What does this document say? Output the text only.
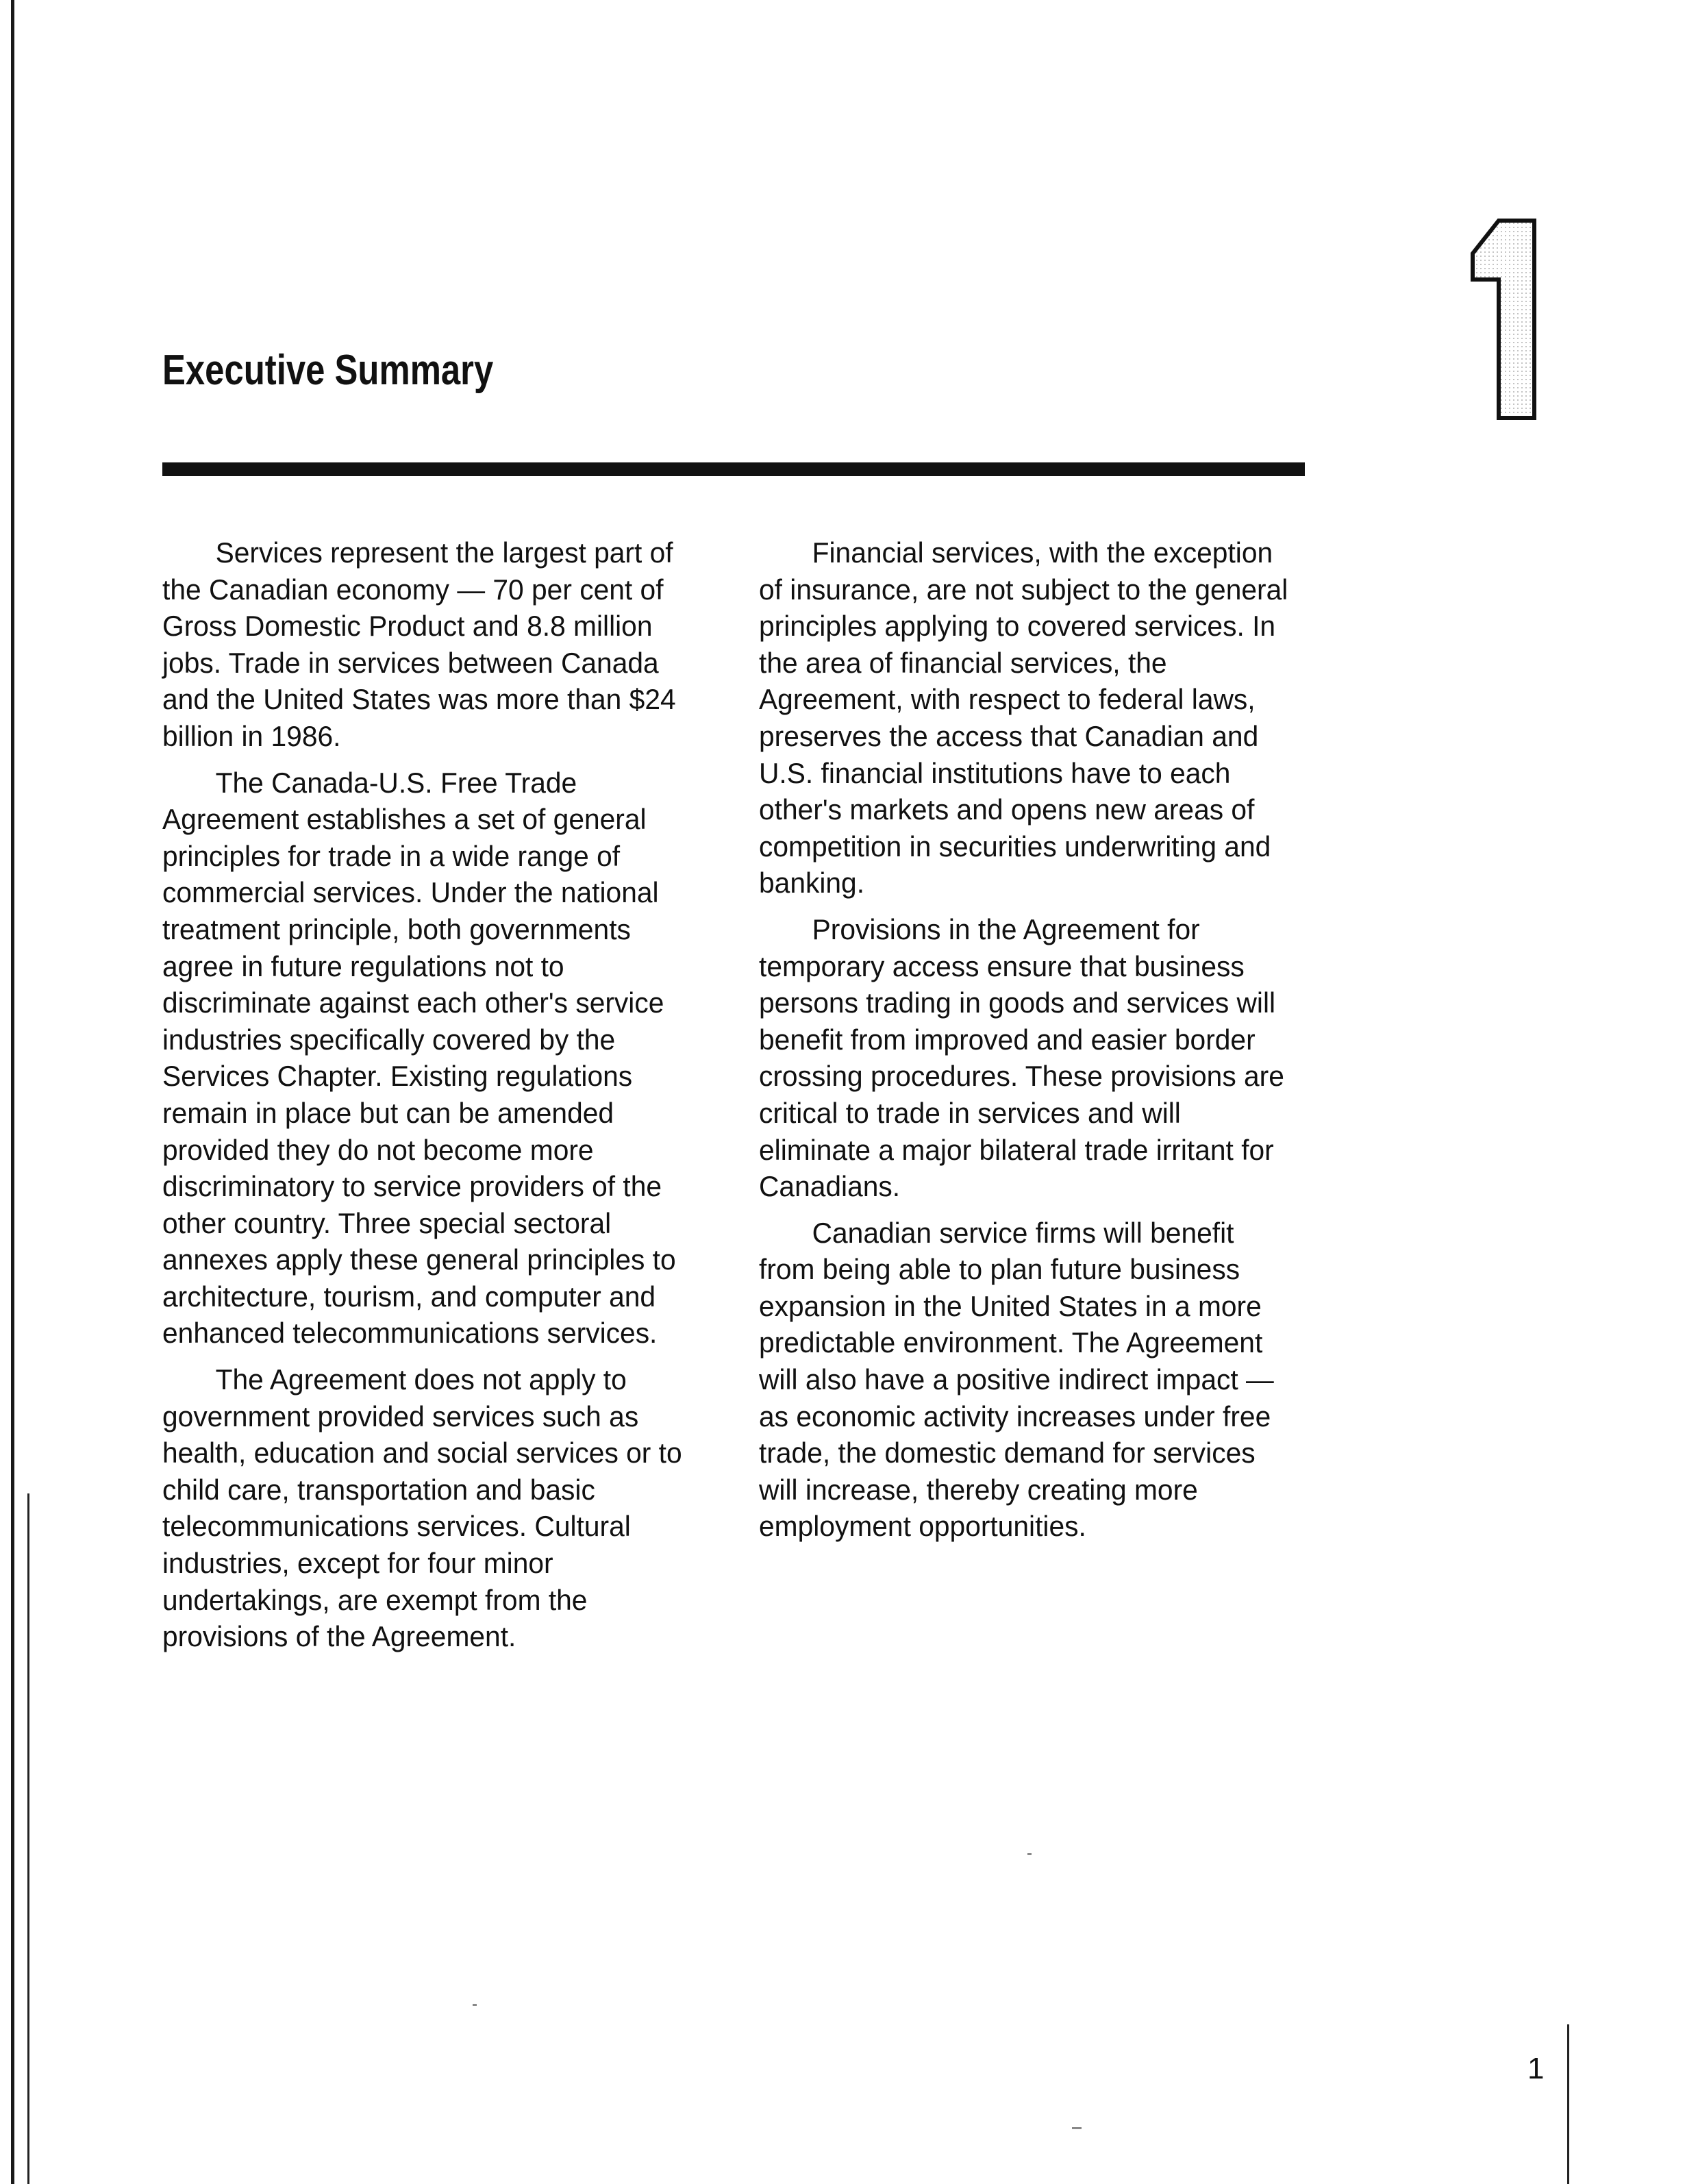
1
Executive Summary

Services represent the largest part of the Canadian economy — 70 per cent of Gross Domestic Product and 8.8 million jobs. Trade in services between Canada and the United States was more than $24 billion in 1986.

The Canada-U.S. Free Trade Agreement establishes a set of general principles for trade in a wide range of commercial services. Under the national treatment principle, both governments agree in future regulations not to discriminate against each other's service industries specifically covered by the Services Chapter. Existing regulations remain in place but can be amended provided they do not become more discriminatory to service providers of the other country. Three special sectoral annexes apply these general principles to architecture, tourism, and computer and enhanced telecommunications services.

The Agreement does not apply to government provided services such as health, education and social services or to child care, transportation and basic telecommunications services. Cultural industries, except for four minor undertakings, are exempt from the provisions of the Agreement.

Financial services, with the exception of insurance, are not subject to the general principles applying to covered services. In the area of financial services, the Agreement, with respect to federal laws, preserves the access that Canadian and U.S. financial institutions have to each other's markets and opens new areas of competition in securities underwriting and banking.

Provisions in the Agreement for temporary access ensure that business persons trading in goods and services will benefit from improved and easier border crossing procedures. These provisions are critical to trade in services and will eliminate a major bilateral trade irritant for Canadians.

Canadian service firms will benefit from being able to plan future business expansion in the United States in a more predictable environment. The Agreement will also have a positive indirect impact — as economic activity increases under free trade, the domestic demand for services will increase, thereby creating more employment opportunities.

1
